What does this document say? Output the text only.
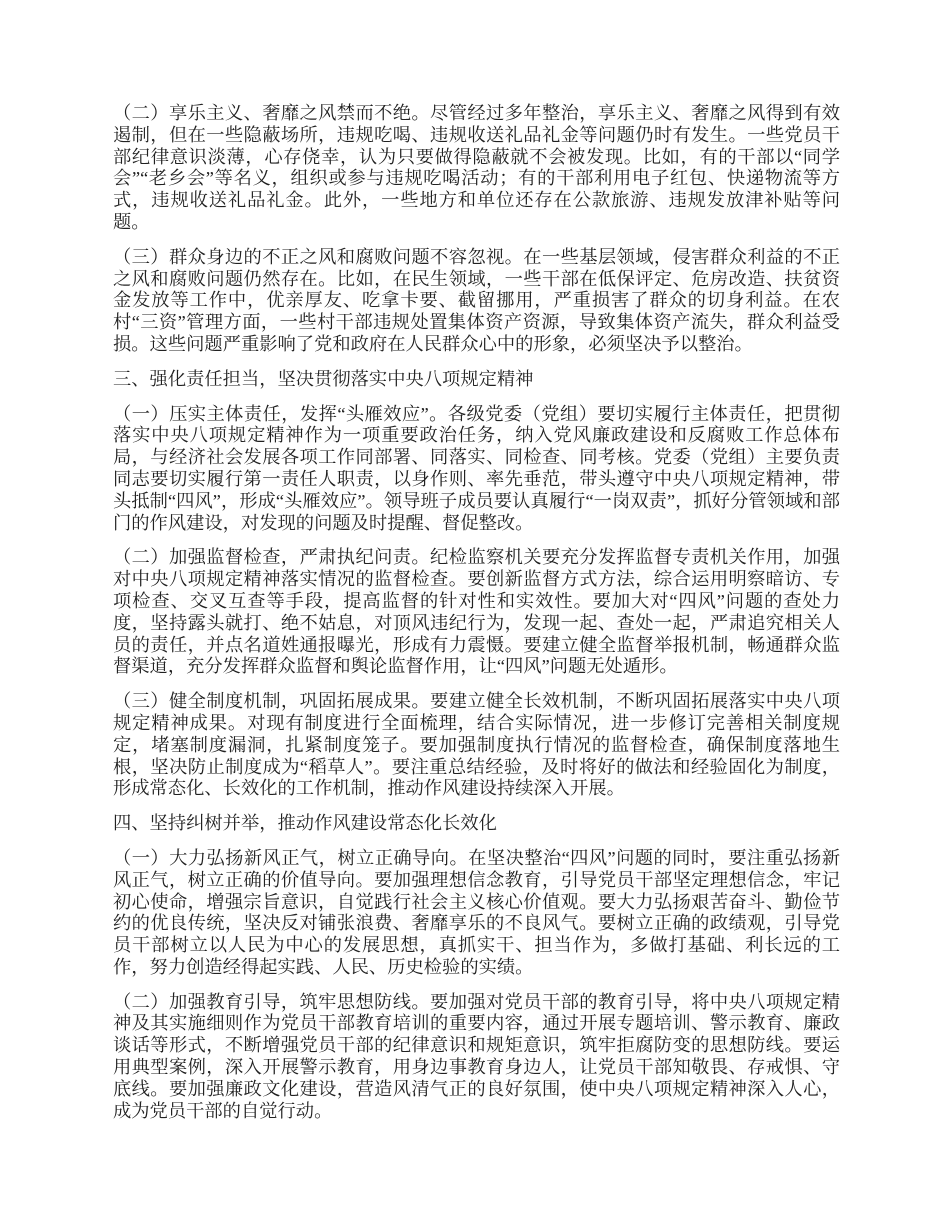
（二）享乐主义、奢靡之风禁而不绝。尽管经过多年整治，享乐主义、奢靡之风得到有效遏制，但在一些隐蔽场所，违规吃喝、违规收送礼品礼金等问题仍时有发生。一些党员干部纪律意识淡薄，心存侥幸，认为只要做得隐蔽就不会被发现。比如，有的干部以“同学会”“老乡会”等名义，组织或参与违规吃喝活动；有的干部利用电子红包、快递物流等方式，违规收送礼品礼金。此外，一些地方和单位还存在公款旅游、违规发放津补贴等问题。

（三）群众身边的不正之风和腐败问题不容忽视。在一些基层领域，侵害群众利益的不正之风和腐败问题仍然存在。比如，在民生领域，一些干部在低保评定、危房改造、扶贫资金发放等工作中，优亲厚友、吃拿卡要、截留挪用，严重损害了群众的切身利益。在农村“三资”管理方面，一些村干部违规处置集体资产资源，导致集体资产流失，群众利益受损。这些问题严重影响了党和政府在人民群众心中的形象，必须坚决予以整治。

三、强化责任担当，坚决贯彻落实中央八项规定精神

（一）压实主体责任，发挥“头雁效应”。各级党委（党组）要切实履行主体责任，把贯彻落实中央八项规定精神作为一项重要政治任务，纳入党风廉政建设和反腐败工作总体布局，与经济社会发展各项工作同部署、同落实、同检查、同考核。党委（党组）主要负责同志要切实履行第一责任人职责，以身作则、率先垂范，带头遵守中央八项规定精神，带头抵制“四风”，形成“头雁效应”。领导班子成员要认真履行“一岗双责”，抓好分管领域和部门的作风建设，对发现的问题及时提醒、督促整改。

（二）加强监督检查，严肃执纪问责。纪检监察机关要充分发挥监督专责机关作用，加强对中央八项规定精神落实情况的监督检查。要创新监督方式方法，综合运用明察暗访、专项检查、交叉互查等手段，提高监督的针对性和实效性。要加大对“四风”问题的查处力度，坚持露头就打、绝不姑息，对顶风违纪行为，发现一起、查处一起，严肃追究相关人员的责任，并点名道姓通报曝光，形成有力震慑。要建立健全监督举报机制，畅通群众监督渠道，充分发挥群众监督和舆论监督作用，让“四风”问题无处遁形。

（三）健全制度机制，巩固拓展成果。要建立健全长效机制，不断巩固拓展落实中央八项规定精神成果。对现有制度进行全面梳理，结合实际情况，进一步修订完善相关制度规定，堵塞制度漏洞，扎紧制度笼子。要加强制度执行情况的监督检查，确保制度落地生根，坚决防止制度成为“稻草人”。要注重总结经验，及时将好的做法和经验固化为制度，形成常态化、长效化的工作机制，推动作风建设持续深入开展。

四、坚持纠树并举，推动作风建设常态化长效化

（一）大力弘扬新风正气，树立正确导向。在坚决整治“四风”问题的同时，要注重弘扬新风正气，树立正确的价值导向。要加强理想信念教育，引导党员干部坚定理想信念，牢记初心使命，增强宗旨意识，自觉践行社会主义核心价值观。要大力弘扬艰苦奋斗、勤俭节约的优良传统，坚决反对铺张浪费、奢靡享乐的不良风气。要树立正确的政绩观，引导党员干部树立以人民为中心的发展思想，真抓实干、担当作为，多做打基础、利长远的工作，努力创造经得起实践、人民、历史检验的实绩。

（二）加强教育引导，筑牢思想防线。要加强对党员干部的教育引导，将中央八项规定精神及其实施细则作为党员干部教育培训的重要内容，通过开展专题培训、警示教育、廉政谈话等形式，不断增强党员干部的纪律意识和规矩意识，筑牢拒腐防变的思想防线。要运用典型案例，深入开展警示教育，用身边事教育身边人，让党员干部知敬畏、存戒惧、守底线。要加强廉政文化建设，营造风清气正的良好氛围，使中央八项规定精神深入人心，成为党员干部的自觉行动。
